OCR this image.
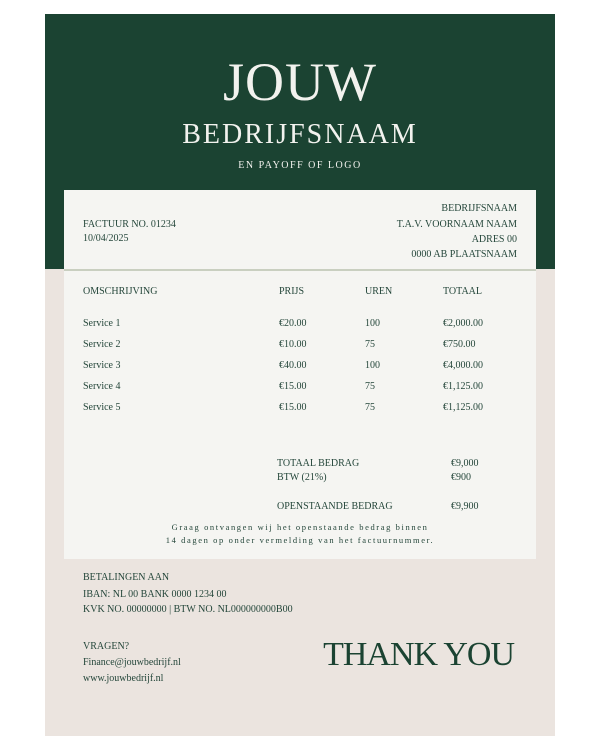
JOUW
BEDRIJFSNAAM
EN PAYOFF OF LOGO
FACTUUR NO. 01234
10/04/2025
BEDRIJFSNAAM
T.A.V. VOORNAAM NAAM
ADRES 00
0000 AB PLAATSNAAM
OMSCHRIJVING	PRIJS	UREN	TOTAAL
Service 1	€20.00	100	€2,000.00
Service 2	€10.00	75	€750.00
Service 3	€40.00	100	€4,000.00
Service 4	€15.00	75	€1,125.00
Service 5	€15.00	75	€1,125.00
TOTAAL BEDRAG	€9,000
BTW (21%)	€900
OPENSTAANDE BEDRAG	€9,900
Graag ontvangen wij het openstaande bedrag binnen
14 dagen op onder vermelding van het factuurnummer.
BETALINGEN AAN
IBAN: NL 00 BANK 0000 1234 00
KVK NO. 00000000 | BTW NO. NL000000000B00
VRAGEN?
Finance@jouwbedrijf.nl
www.jouwbedrijf.nl
THANK YOU
